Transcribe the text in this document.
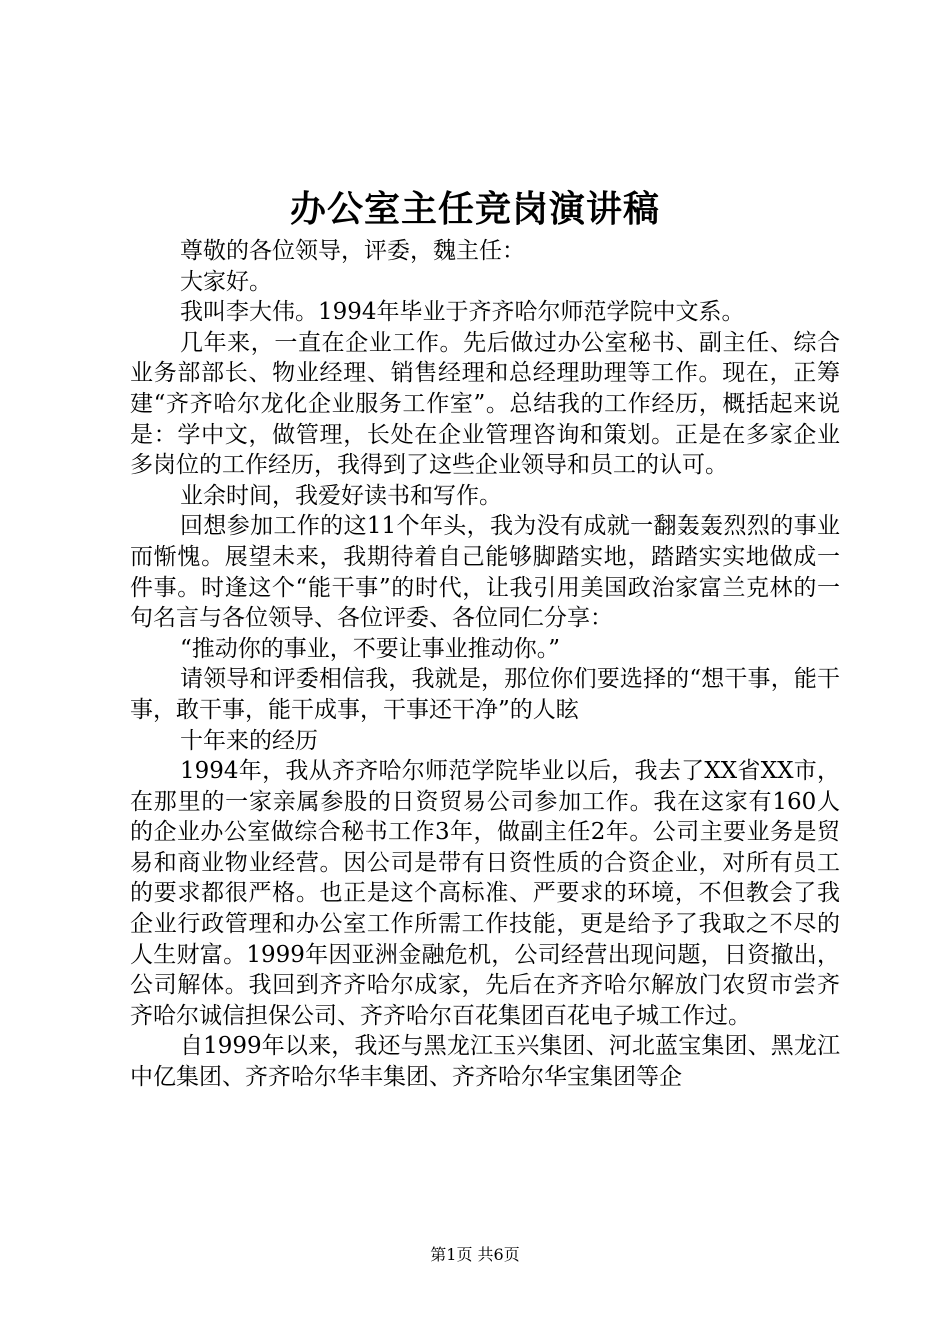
办公室主任竞岗演讲稿

尊敬的各位领导，评委，魏主任：

大家好。

我叫李大伟。1994年毕业于齐齐哈尔师范学院中文系。

几年来，一直在企业工作。先后做过办公室秘书、副主任、综合业务部部长、物业经理、销售经理和总经理助理等工作。现在，正筹建“齐齐哈尔龙化企业服务工作室”。总结我的工作经历，概括起来说是：学中文，做管理，长处在企业管理咨询和策划。正是在多家企业多岗位的工作经历，我得到了这些企业领导和员工的认可。

业余时间，我爱好读书和写作。

回想参加工作的这11个年头，我为没有成就一翻轰轰烈烈的事业而惭愧。展望未来，我期待着自己能够脚踏实地，踏踏实实地做成一件事。时逢这个“能干事”的时代，让我引用美国政治家富兰克林的一句名言与各位领导、各位评委、各位同仁分享：

“推动你的事业，不要让事业推动你。”

请领导和评委相信我，我就是，那位你们要选择的“想干事，能干事，敢干事，能干成事，干事还干净”的人眩

十年来的经历

1994年，我从齐齐哈尔师范学院毕业以后，我去了XX省XX市，在那里的一家亲属参股的日资贸易公司参加工作。我在这家有160人的企业办公室做综合秘书工作3年，做副主任2年。公司主要业务是贸易和商业物业经营。因公司是带有日资性质的合资企业，对所有员工的要求都很严格。也正是这个高标准、严要求的环境，不但教会了我企业行政管理和办公室工作所需工作技能，更是给予了我取之不尽的人生财富。1999年因亚洲金融危机，公司经营出现问题，日资撤出，公司解体。我回到齐齐哈尔成家，先后在齐齐哈尔解放门农贸市尝齐齐哈尔诚信担保公司、齐齐哈尔百花集团百花电子城工作过。

自1999年以来，我还与黑龙江玉兴集团、河北蓝宝集团、黑龙江中亿集团、齐齐哈尔华丰集团、齐齐哈尔华宝集团等企

第1页 共6页
